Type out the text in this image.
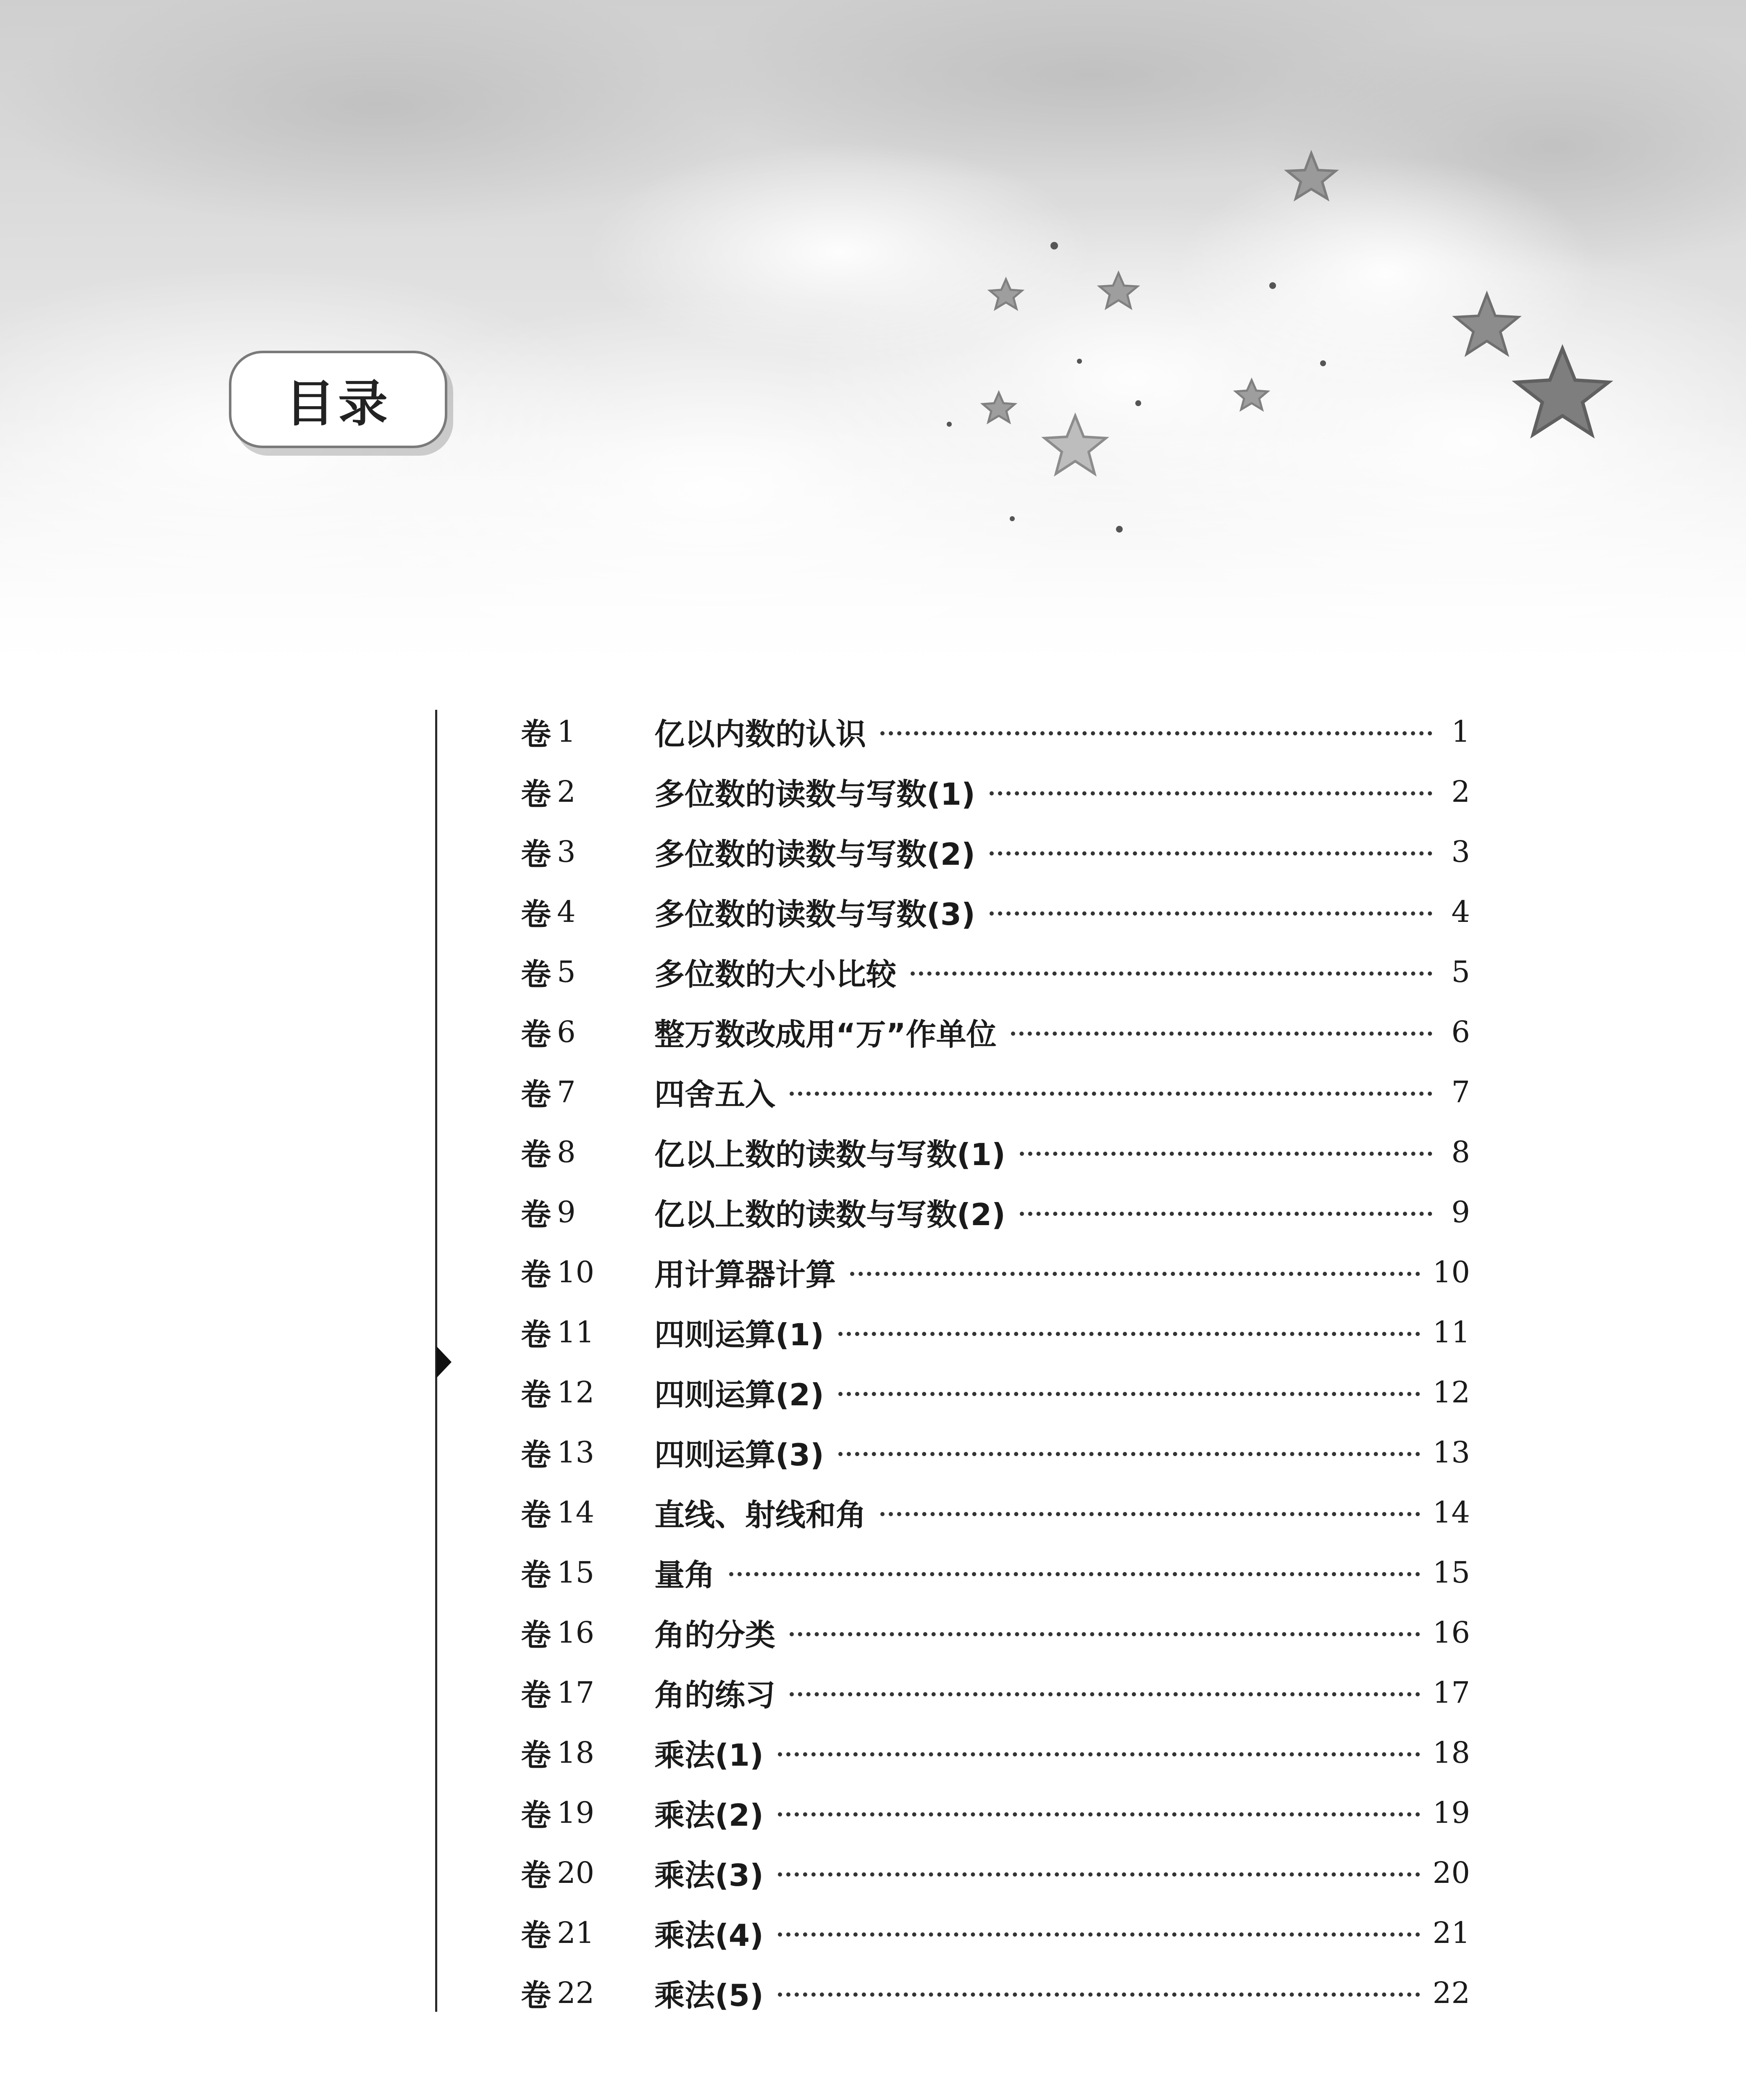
目录
卷 1	亿以内数的认识	1
卷 2	多位数的读数与写数(1)	2
卷 3	多位数的读数与写数(2)	3
卷 4	多位数的读数与写数(3)	4
卷 5	多位数的大小比较	5
卷 6	整万数改成用“万”作单位	6
卷 7	四舍五入	7
卷 8	亿以上数的读数与写数(1)	8
卷 9	亿以上数的读数与写数(2)	9
卷 10 用计算器计算	10
卷 11 四则运算(1)	11
卷 12 四则运算(2)	12
卷 13 四则运算(3)	13
卷 14 直线、射线和角	14
卷 15 量角	15
卷 16 角的分类	16
卷 17 角的练习	17
卷 18 乘法(1)	18
卷 19 乘法(2)	19
卷 20 乘法(3)	20
卷 21 乘法(4)	21
卷 22 乘法(5)	22
